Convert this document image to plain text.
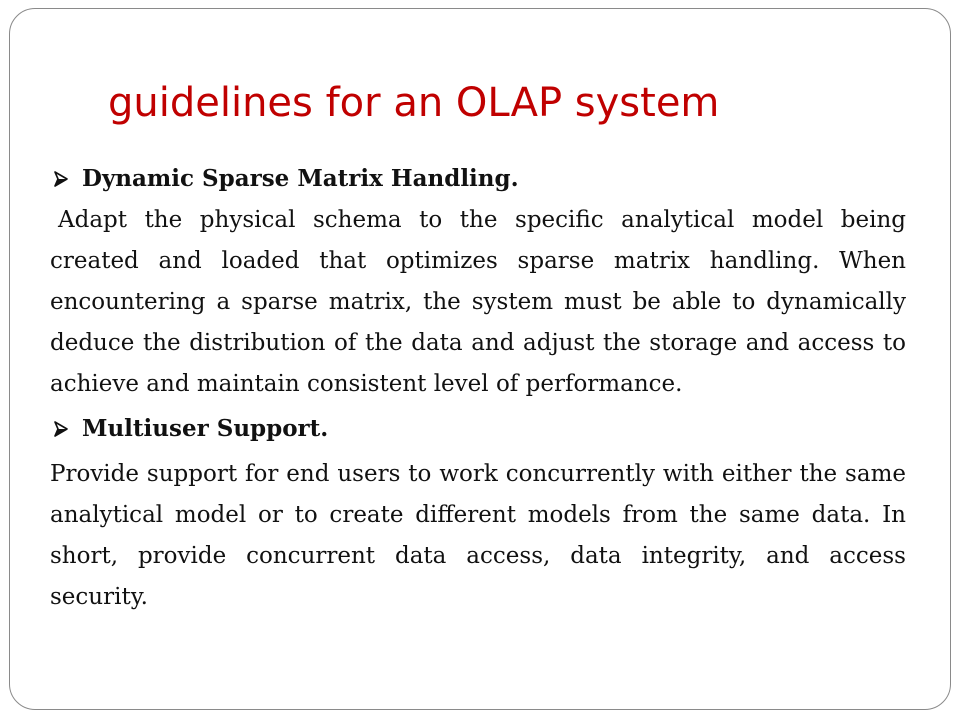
guidelines for an OLAP system
Dynamic Sparse Matrix Handling.

Adapt the physical schema to the specific analytical model being created and loaded that optimizes sparse matrix handling. When encountering a sparse matrix, the system must be able to dynamically deduce the distribution of the data and adjust the storage and access to achieve and maintain consistent level of performance.

Multiuser Support.

Provide support for end users to work concurrently with either the same analytical model or to create different models from the same data. In short, provide concurrent data access, data integrity, and access security.
